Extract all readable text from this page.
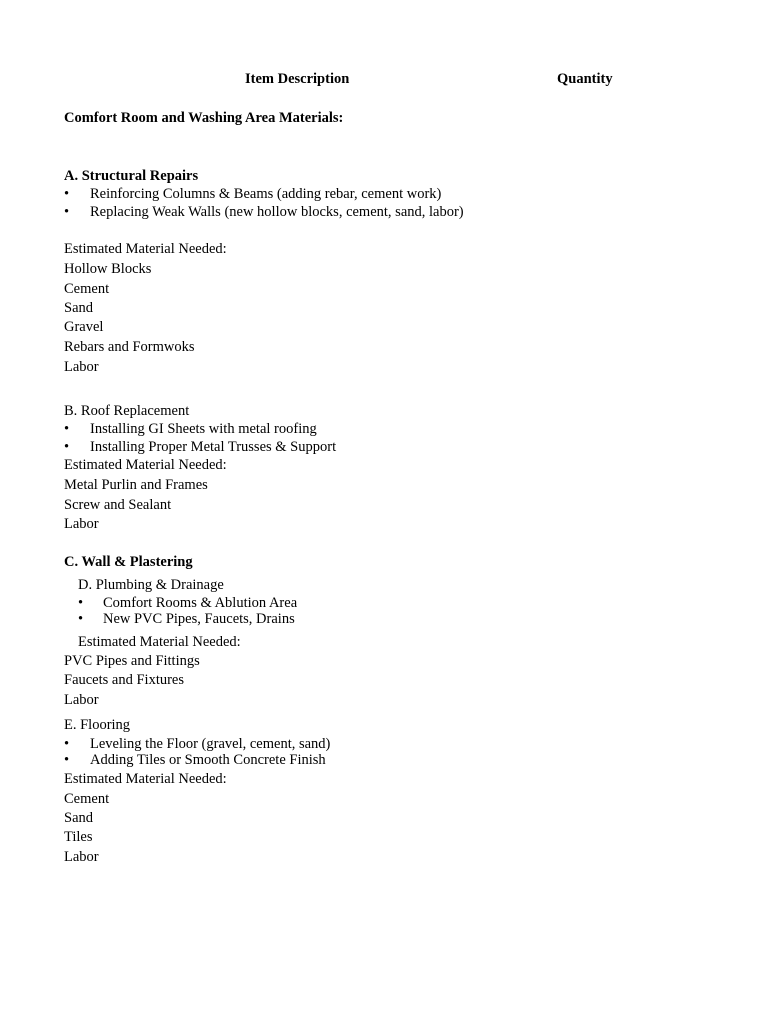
Item Description	Quantity
Comfort Room and Washing Area Materials:
A. Structural Repairs
• Reinforcing Columns & Beams (adding rebar, cement work)
• Replacing Weak Walls (new hollow blocks, cement, sand, labor)
Estimated Material Needed:
Hollow Blocks
Cement
Sand
Gravel
Rebars and Formwoks
Labor
B. Roof Replacement
• Installing GI Sheets with metal roofing
• Installing Proper Metal Trusses & Support
Estimated Material Needed:
Metal Purlin and Frames
Screw and Sealant
Labor
C. Wall & Plastering
D. Plumbing & Drainage
• Comfort Rooms & Ablution Area
• New PVC Pipes, Faucets, Drains
Estimated Material Needed:
PVC Pipes and Fittings
Faucets and Fixtures
Labor
E. Flooring
• Leveling the Floor (gravel, cement, sand)
• Adding Tiles or Smooth Concrete Finish
Estimated Material Needed:
Cement
Sand
Tiles
Labor
